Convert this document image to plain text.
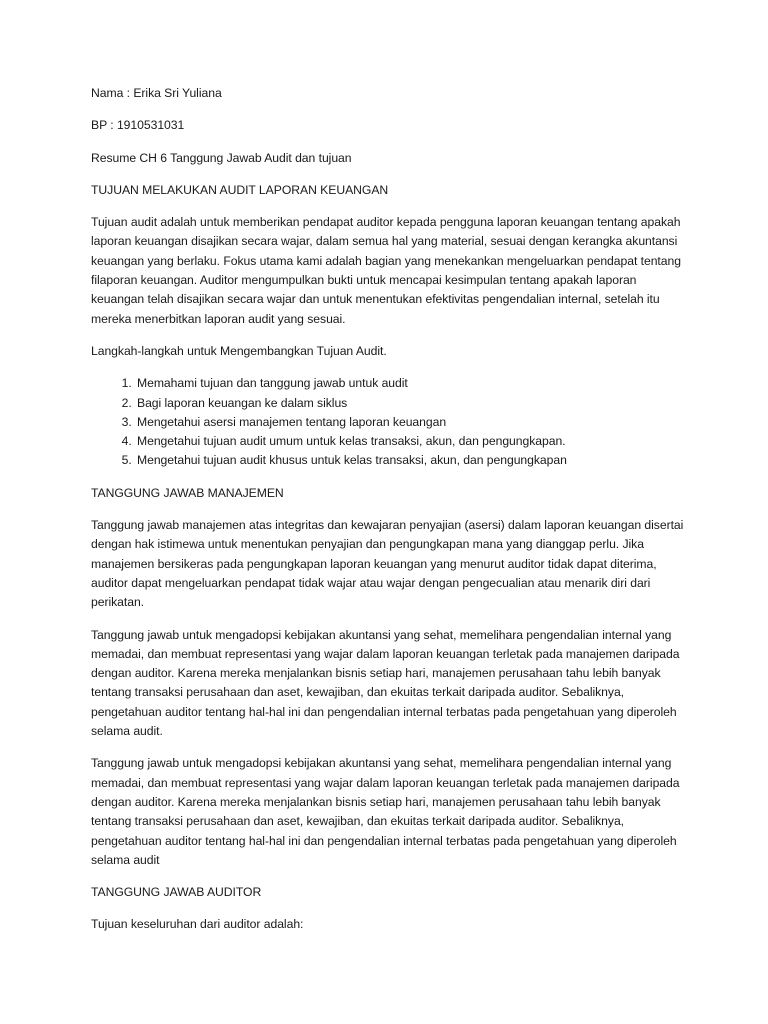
Nama : Erika Sri Yuliana

BP : 1910531031

Resume CH 6 Tanggung Jawab Audit dan tujuan

TUJUAN MELAKUKAN AUDIT LAPORAN KEUANGAN

Tujuan audit adalah untuk memberikan pendapat auditor kepada pengguna laporan keuangan tentang apakah laporan keuangan disajikan secara wajar, dalam semua hal yang material, sesuai dengan kerangka akuntansi keuangan yang berlaku. Fokus utama kami adalah bagian yang menekankan mengeluarkan pendapat tentang filaporan keuangan. Auditor mengumpulkan bukti untuk mencapai kesimpulan tentang apakah laporan keuangan telah disajikan secara wajar dan untuk menentukan efektivitas pengendalian internal, setelah itu mereka menerbitkan laporan audit yang sesuai.

Langkah-langkah untuk Mengembangkan Tujuan Audit.

1. Memahami tujuan dan tanggung jawab untuk audit
2. Bagi laporan keuangan ke dalam siklus
3. Mengetahui asersi manajemen tentang laporan keuangan
4. Mengetahui tujuan audit umum untuk kelas transaksi, akun, dan pengungkapan.
5. Mengetahui tujuan audit khusus untuk kelas transaksi, akun, dan pengungkapan

TANGGUNG JAWAB MANAJEMEN

Tanggung jawab manajemen atas integritas dan kewajaran penyajian (asersi) dalam laporan keuangan disertai dengan hak istimewa untuk menentukan penyajian dan pengungkapan mana yang dianggap perlu. Jika manajemen bersikeras pada pengungkapan laporan keuangan yang menurut auditor tidak dapat diterima, auditor dapat mengeluarkan pendapat tidak wajar atau wajar dengan pengecualian atau menarik diri dari perikatan.

Tanggung jawab untuk mengadopsi kebijakan akuntansi yang sehat, memelihara pengendalian internal yang memadai, dan membuat representasi yang wajar dalam laporan keuangan terletak pada manajemen daripada dengan auditor. Karena mereka menjalankan bisnis setiap hari, manajemen perusahaan tahu lebih banyak tentang transaksi perusahaan dan aset, kewajiban, dan ekuitas terkait daripada auditor. Sebaliknya, pengetahuan auditor tentang hal-hal ini dan pengendalian internal terbatas pada pengetahuan yang diperoleh selama audit.

Tanggung jawab untuk mengadopsi kebijakan akuntansi yang sehat, memelihara pengendalian internal yang memadai, dan membuat representasi yang wajar dalam laporan keuangan terletak pada manajemen daripada dengan auditor. Karena mereka menjalankan bisnis setiap hari, manajemen perusahaan tahu lebih banyak tentang transaksi perusahaan dan aset, kewajiban, dan ekuitas terkait daripada auditor. Sebaliknya, pengetahuan auditor tentang hal-hal ini dan pengendalian internal terbatas pada pengetahuan yang diperoleh selama audit

TANGGUNG JAWAB AUDITOR

Tujuan keseluruhan dari auditor adalah:
